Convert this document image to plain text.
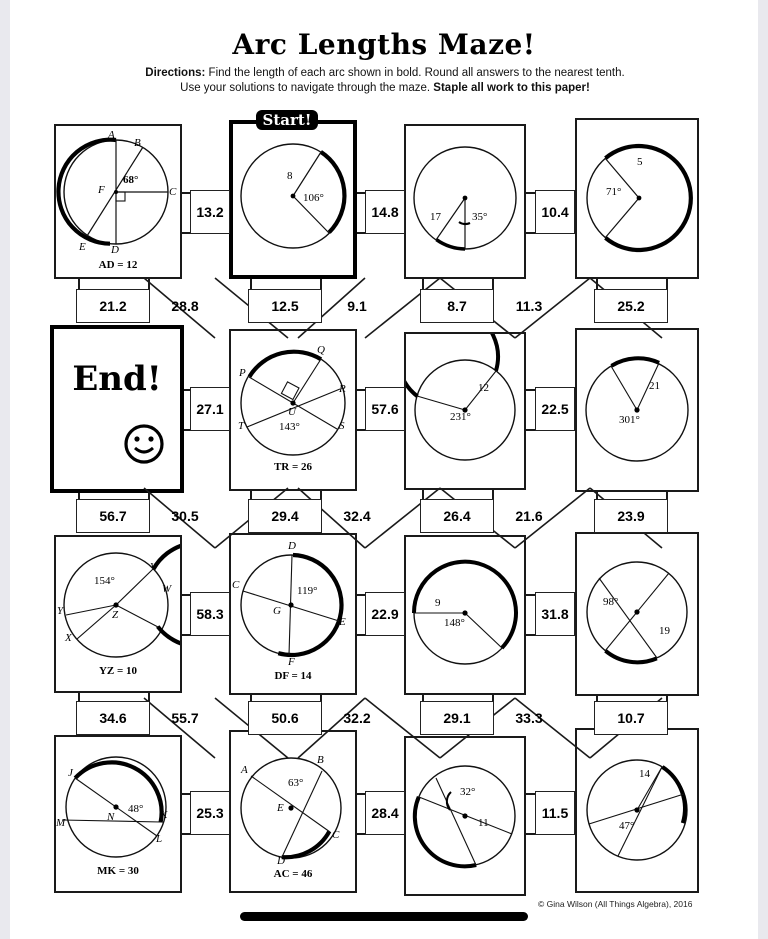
Arc Lengths Maze!
Directions: Find the length of each arc shown in bold. Round all answers to the nearest tenth.
Use your solutions to navigate through the maze. Staple all work to this paper!
A
B
C
D
E
F
68°
AD = 12
Start!
8
106°
17	35°
5
71°
13.2	14.8	10.4
21.2	28.8	12.5	9.1	8.7	11.3	25.2
End!
Q
P
R
S
T
U
143°
TR = 26
12
231°
21
301°
27.1	57.6	22.5
56.7	30.5	29.4	32.4	26.4	21.6	23.9
V
W
X
Y	Z
154°
YZ = 10
D
C
E
F
G
119°
DF = 14
9
148°
98°
19
58.3	22.9	31.8
34.6	55.7	50.6	32.2	29.1	33.3	10.7
J
K
L
M	N
48°
MK = 30
B
A
C
D
E
63°
AC = 46
32°
11
14
47°
25.3	28.4	11.5
© Gina Wilson (All Things Algebra), 2016
